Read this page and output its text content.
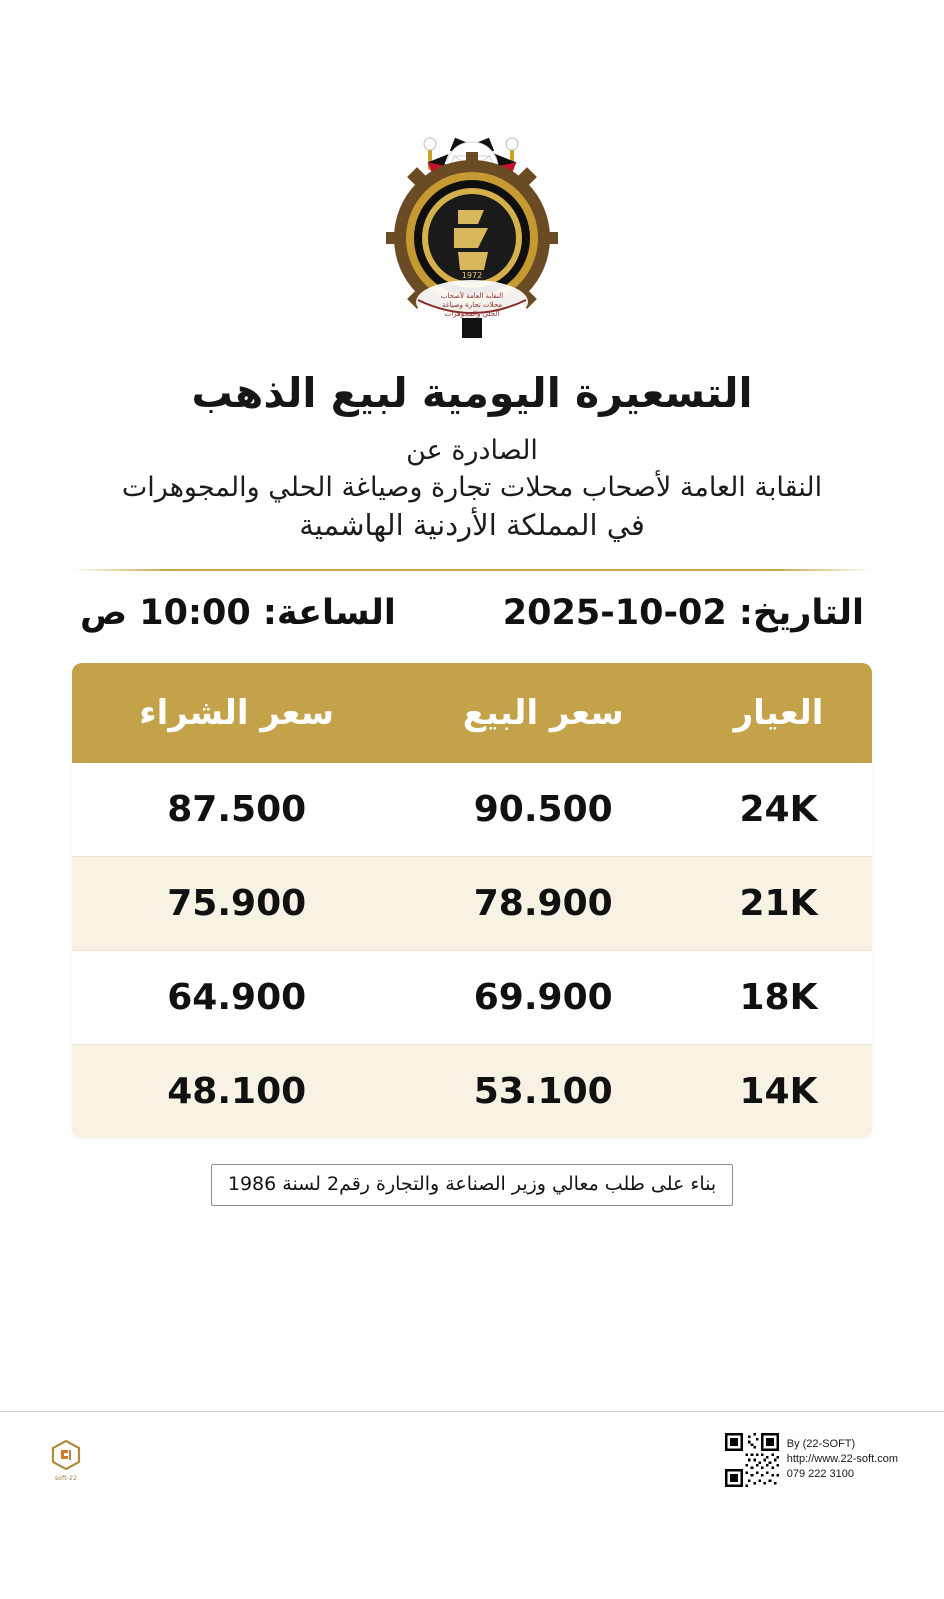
النقابة العامة لأصحاب
محلات تجارة وصياغة
الحلي والمجوهرات
1972
التسعيرة اليومية لبيع الذهب
الصادرة عن
النقابة العامة لأصحاب محلات تجارة وصياغة الحلي والمجوهرات
في المملكة الأردنية الهاشمية
التاريخ: 02-10-2025
الساعة: 10:00 ص
العيار	سعر البيع	سعر الشراء
24K	90.500	87.500
21K	78.900	75.900
18K	69.900	64.900
14K	53.100	48.100
بناء على طلب معالي وزير الصناعة والتجارة رقم2 لسنة 1986
22-soft
By (22-SOFT)
http://www.22-soft.com
079 222 3100
